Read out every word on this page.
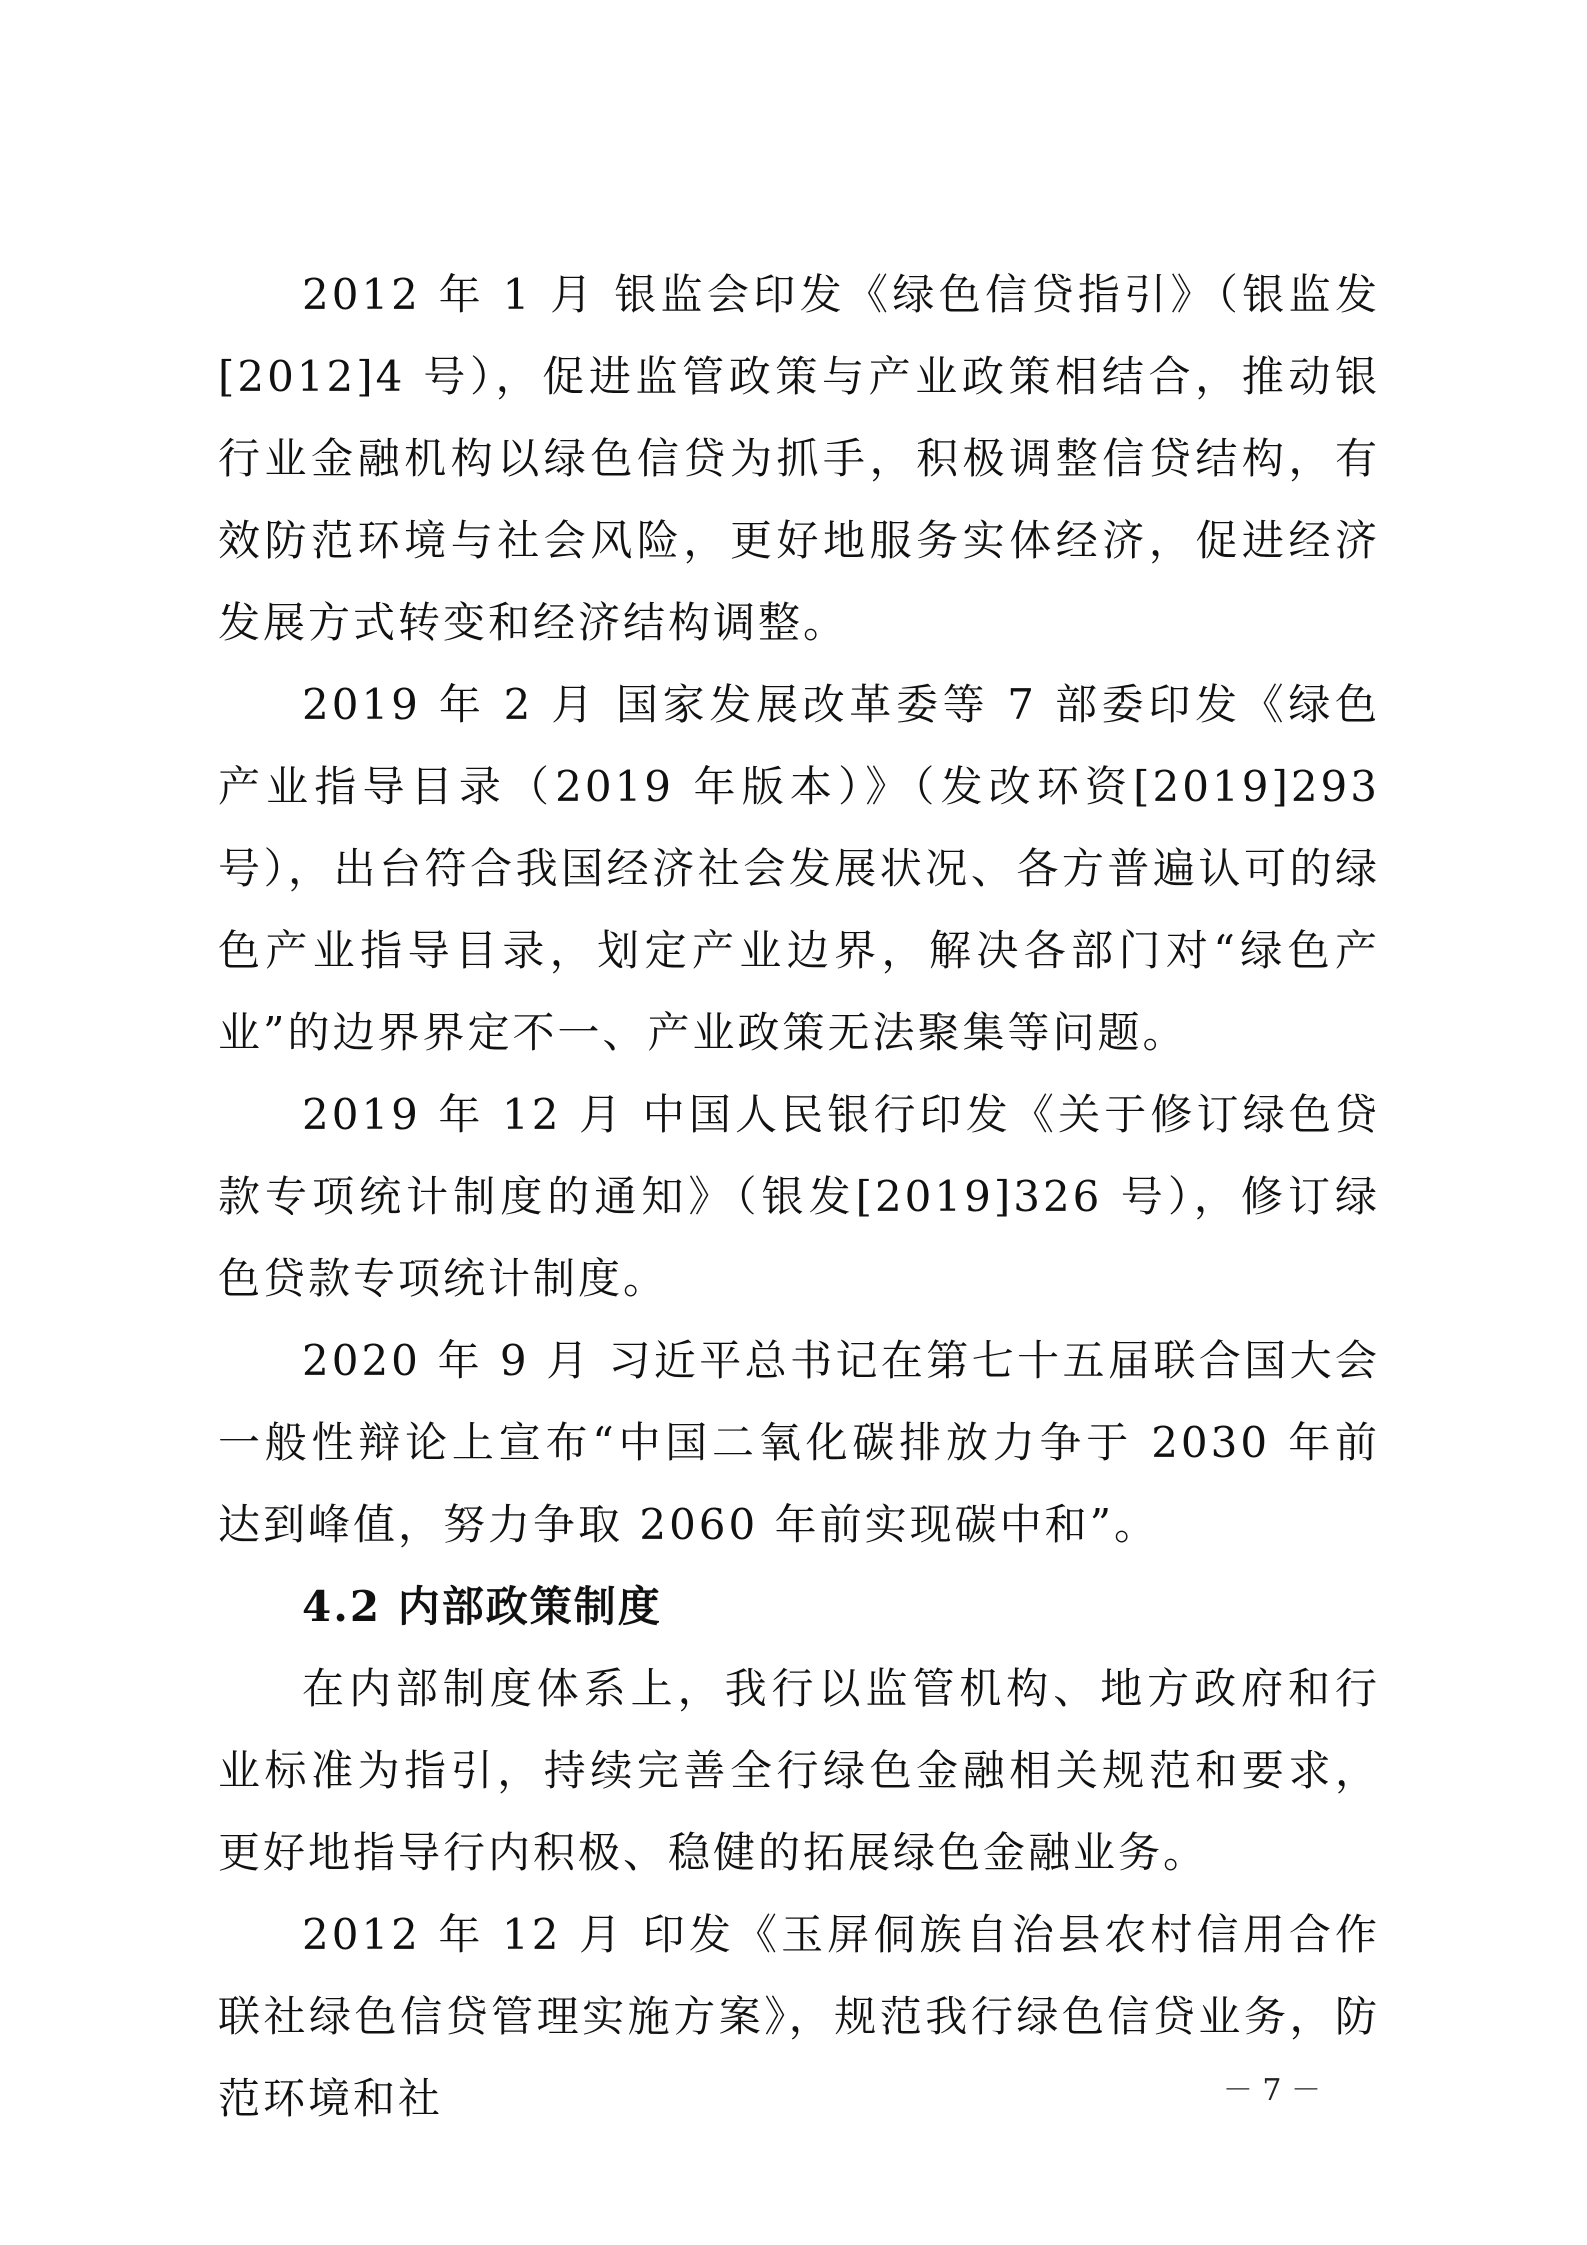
2012 年 1 月 银监会印发《绿色信贷指引》（银监发[2012]4 号），促进监管政策与产业政策相结合，推动银行业金融机构以绿色信贷为抓手，积极调整信贷结构，有效防范环境与社会风险，更好地服务实体经济，促进经济发展方式转变和经济结构调整。

2019 年 2 月 国家发展改革委等 7 部委印发《绿色产业指导目录（2019 年版本）》（发改环资[2019]293 号），出台符合我国经济社会发展状况、各方普遍认可的绿色产业指导目录，划定产业边界，解决各部门对“绿色产业”的边界界定不一、产业政策无法聚集等问题。

2019 年 12 月 中国人民银行印发《关于修订绿色贷款专项统计制度的通知》（银发[2019]326 号），修订绿色贷款专项统计制度。

2020 年 9 月 习近平总书记在第七十五届联合国大会一般性辩论上宣布“中国二氧化碳排放力争于 2030 年前达到峰值，努力争取 2060 年前实现碳中和”。

4.2 内部政策制度

在内部制度体系上，我行以监管机构、地方政府和行业标准为指引，持续完善全行绿色金融相关规范和要求，更好地指导行内积极、稳健的拓展绿色金融业务。

2012 年 12 月 印发《玉屏侗族自治县农村信用合作联社绿色信贷管理实施方案》，规范我行绿色信贷业务，防范环境和社	－ 7 －
